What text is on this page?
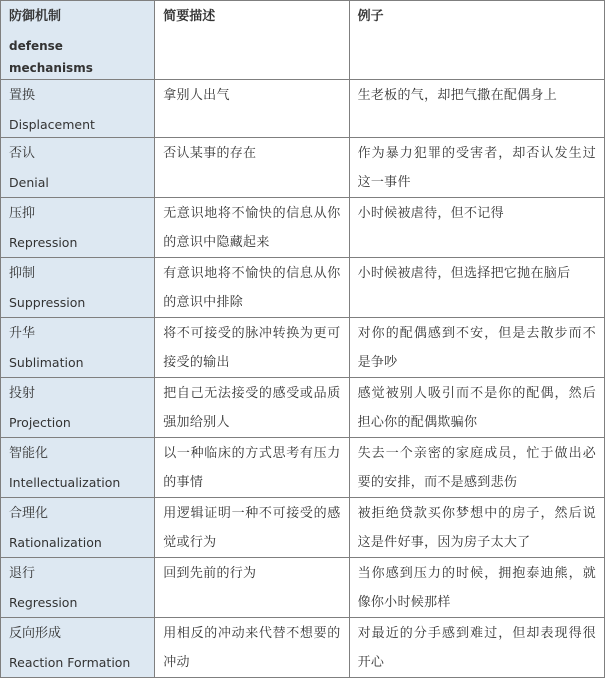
防御机制
defense mechanisms	简要描述	例子

置换
Displacement	拿别人出气	生老板的气，却把气撒在配偶身上

否认
Denial	否认某事的存在	作为暴力犯罪的受害者，却否认发生过这一事件

压抑
Repression	无意识地将不愉快的信息从你的意识中隐藏起来	小时候被虐待，但不记得

抑制
Suppression	有意识地将不愉快的信息从你的意识中排除	小时候被虐待，但选择把它抛在脑后

升华
Sublimation	将不可接受的脉冲转换为更可接受的输出	对你的配偶感到不安，但是去散步而不是争吵

投射
Projection	把自己无法接受的感受或品质强加给别人	感觉被别人吸引而不是你的配偶，然后担心你的配偶欺骗你

智能化
Intellectualization	以一种临床的方式思考有压力的事情	失去一个亲密的家庭成员，忙于做出必要的安排，而不是感到悲伤

合理化
Rationalization	用逻辑证明一种不可接受的感觉或行为	被拒绝贷款买你梦想中的房子，然后说这是件好事，因为房子太大了

退行
Regression	回到先前的行为	当你感到压力的时候，拥抱泰迪熊，就像你小时候那样

反向形成
Reaction Formation	用相反的冲动来代替不想要的冲动	对最近的分手感到难过，但却表现得很开心
